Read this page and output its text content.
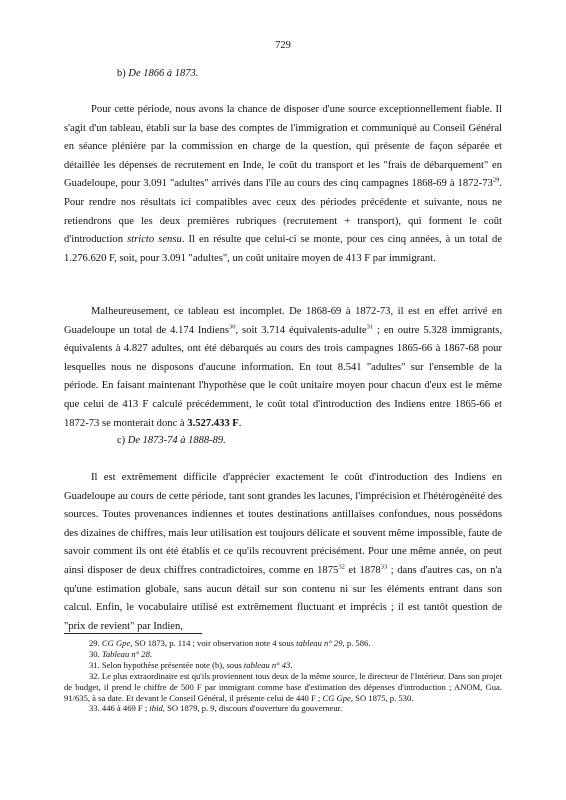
729
b) De 1866 à 1873.

Pour cette période, nous avons la chance de disposer d'une source exceptionnellement fiable. Il s'agit d'un tableau, établi sur la base des comptes de l'immigration et communiqué au Conseil Général en séance plénière par la commission en charge de la question, qui présente de façon séparée et détaillée les dépenses de recrutement en Inde, le coût du transport et les "frais de débarquement" en Guadeloupe, pour 3.091 "adultes" arrivés dans l'île au cours des cinq campagnes 1868-69 à $1872-73^{29}$. Pour rendre nos résultats ici compatibles avec ceux des périodes précédente et suivante, nous ne retiendrons que les deux premières rubriques (recrutement + transport), qui forment le coût d'introduction stricto sensu. Il en résulte que celui-ci se monte, pour ces cinq années, à un total de 1.276.620 F, soit, pour 3.091 "adultes", un coût unitaire moyen de 413 F par immigrant.

Malheureusement, ce tableau est incomplet. De 1868-69 à 1872-73, il est en effet arrivé en Guadeloupe un total de 4.174 Indiens$^{30}$, soit 3.714 équivalents-adulte$^{31}$ ; en outre 5.328 immigrants, équivalents à 4.827 adultes, ont été débarqués au cours des trois campagnes 1865-66 à 1867-68 pour lesquelles nous ne disposons d'aucune information. En tout 8.541 "adultes" sur l'ensemble de la période. En faisant maintenant l'hypothèse que le coût unitaire moyen pour chacun d'eux est le même que celui de 413 F calculé précédemment, le coût total d'introduction des Indiens entre 1865-66 et 1872-73 se monterait donc à 3.527.433 F.

c) De 1873-74 à 1888-89.

Il est extrêmement difficile d'apprécier exactement le coût d'introduction des Indiens en Guadeloupe au cours de cette période, tant sont grandes les lacunes, l'imprécision et l'hétérogénéité des sources. Toutes provenances indiennes et toutes destinations antillaises confondues, nous possédons des dizaines de chiffres, mais leur utilisation est toujours délicate et souvent même impossible, faute de savoir comment ils ont été établis et ce qu'ils recouvrent précisément. Pour une même année, on peut ainsi disposer de deux chiffres contradictoires, comme en 1875$^{32}$ et 1878$^{33}$ ; dans d'autres cas, on n'a qu'une estimation globale, sans aucun détail sur son contenu ni sur les éléments entrant dans son calcul. Enfin, le vocabulaire utilisé est extrêmement fluctuant et imprécis ; il est tantôt question de "prix de revient" par Indien,

29. CG Gpe, SO 1873, p. 114 ; voir observation note 4 sous tableau n° 29, p. 586.

30. Tableau n° 28.

31. Selon hypothèse présentée note (b), sous tableau n° 43.

32. Le plus extraordinaire est qu'ils proviennent tous deux de la même source, le directeur de l'Intérieur. Dans son projet de budget, il prend le chiffre de 500 F par immigrant comme base d'estimation des dépenses d'introduction ; ANOM, Gua. 91/635, à sa date. Et devant le Conseil Général, il présente celui de 440 F ; CG Gpe, SO 1875, p. 530.

33. 446 à 469 F ; ibid, SO 1879, p. 9, discours d'ouverture du gouverneur.
